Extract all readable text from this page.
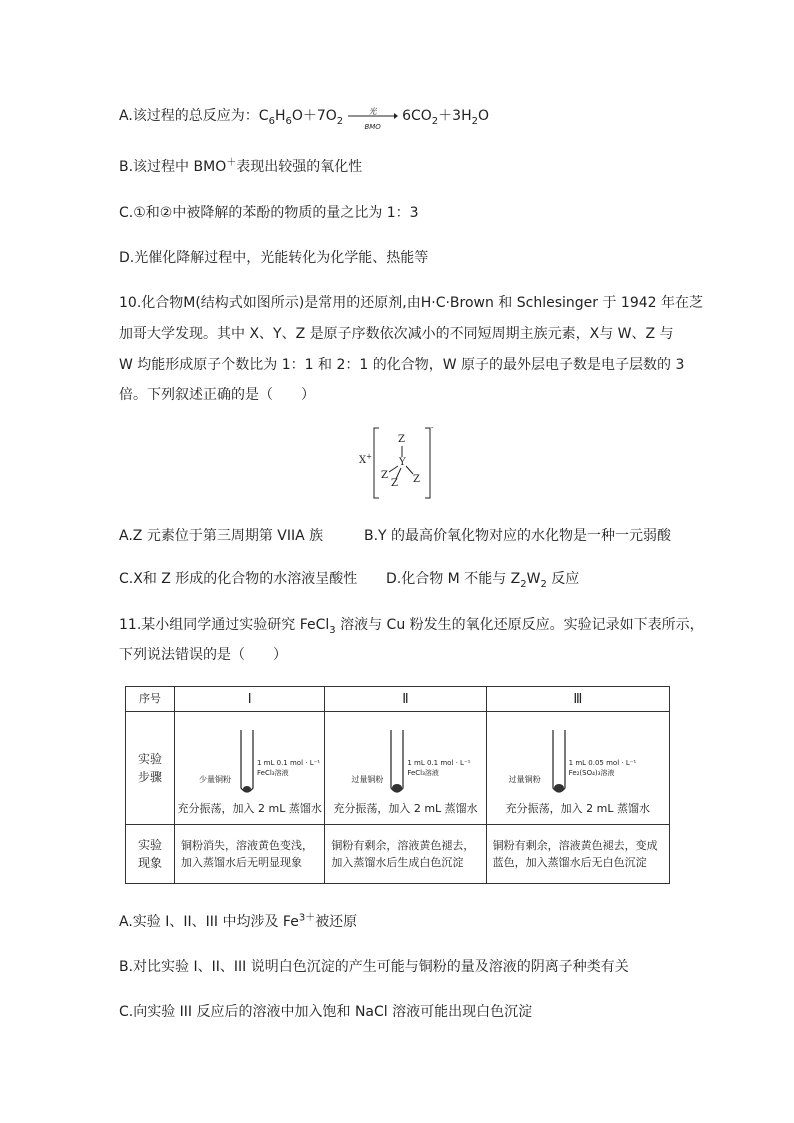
A.该过程的总反应为：$C_6H_6O+7O_2$
光
BMO
$6CO_2+3H_2O$
B.该过程中 BMO＋表现出较强的氧化性
C.①和②中被降解的苯酚的物质的量之比为 1：3
D.光催化降解过程中，光能转化为化学能、热能等
10.化合物M(结构式如图所示)是常用的还原剂,由H·C·Brown 和 Schlesinger 于 1942 年在芝
加哥大学发现。其中 X、Y、Z 是原子序数依次减小的不同短周期主族元素，X与 W、Z 与
W 均能形成原子个数比为 1：1 和 2：1 的化合物，W 原子的最外层电子数是电子层数的 3
倍。下列叙述正确的是（　　）
X+
Z
Y
Z	Z
Z
-
A.Z 元素位于第三周期第 VIIA 族	B.Y 的最高价氧化物对应的水化物是一种一元弱酸
C.X和 Z 形成的化合物的水溶液呈酸性 D.化合物 M 不能与 $Z_2W_2$ 反应
11.某小组同学通过实验研究 FeCl$_3$ 溶液与 Cu 粉发生的氧化还原反应。实验记录如下表所示，
下列说法错误的是（　　）
序号	Ⅰ	Ⅱ	Ⅲ

实验步骤	少量铜粉
1 mL 0.1 mol · L⁻¹
FeCl₃溶液
充分振荡，加入 2 mL 蒸馏水	过量铜粉
1 mL 0.1 mol · L⁻¹
FeCl₃溶液
充分振荡，加入 2 mL 蒸馏水	过量铜粉
1 mL 0.05 mol · L⁻¹
Fe₂(SO₄)₃溶液
充分振荡，加入 2 mL 蒸馏水

实验现象	铜粉消失，溶液黄色变浅，加入蒸馏水后无明显现象	铜粉有剩余，溶液黄色褪去，加入蒸馏水后生成白色沉淀	铜粉有剩余，溶液黄色褪去，变成蓝色，加入蒸馏水后无白色沉淀
A.实验 I、II、III 中均涉及 $Fe^{3+}$被还原
B.对比实验 I、II、III 说明白色沉淀的产生可能与铜粉的量及溶液的阴离子种类有关
C.向实验 III 反应后的溶液中加入饱和 NaCl 溶液可能出现白色沉淀
